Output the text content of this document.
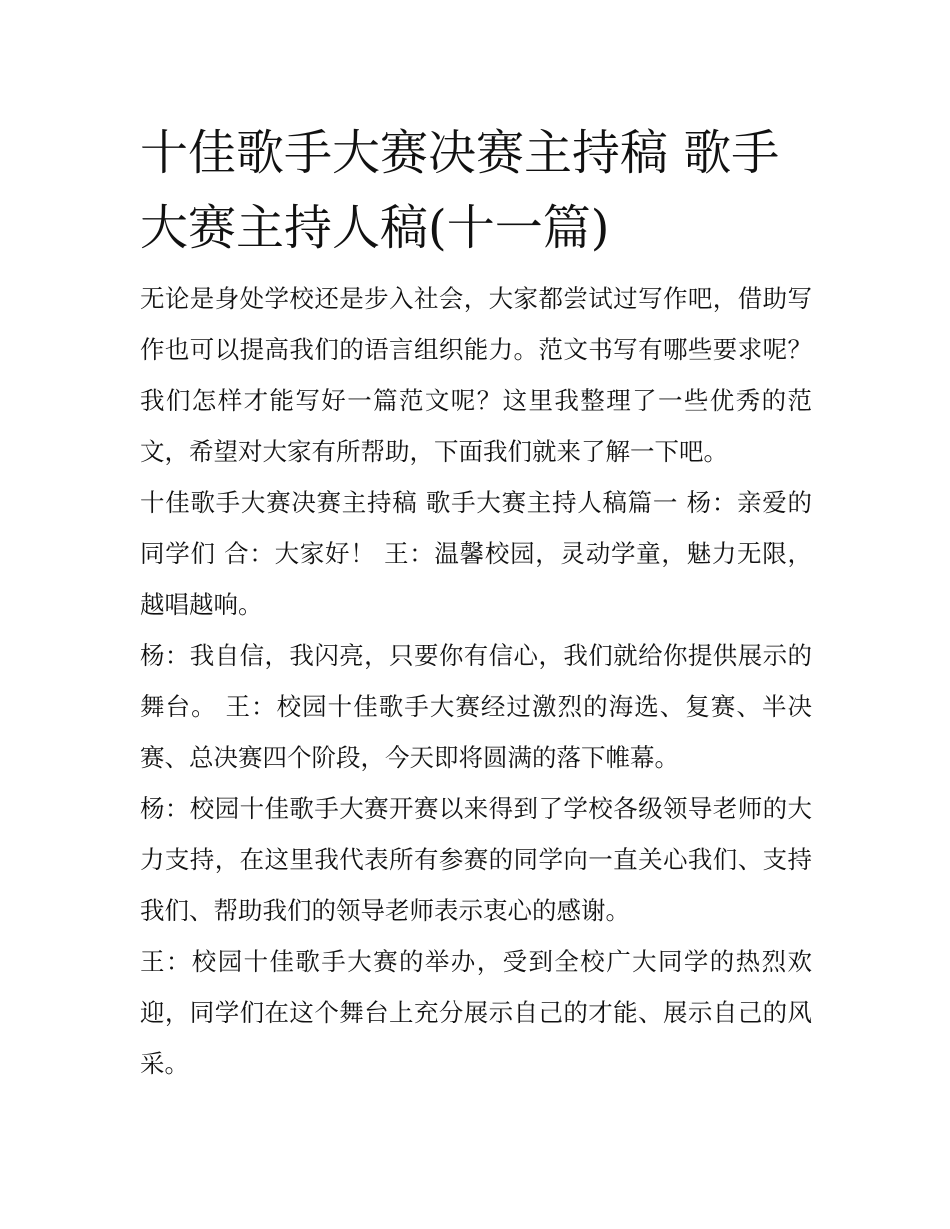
十佳歌手大赛决赛主持稿 歌手大赛主持人稿(十一篇)

无论是身处学校还是步入社会，大家都尝试过写作吧，借助写作也可以提高我们的语言组织能力。范文书写有哪些要求呢？我们怎样才能写好一篇范文呢？这里我整理了一些优秀的范文，希望对大家有所帮助，下面我们就来了解一下吧。

十佳歌手大赛决赛主持稿 歌手大赛主持人稿篇一 杨：亲爱的同学们 合：大家好！ 王：温馨校园，灵动学童，魅力无限，越唱越响。

杨：我自信，我闪亮，只要你有信心，我们就给你提供展示的舞台。 王：校园十佳歌手大赛经过激烈的海选、复赛、半决赛、总决赛四个阶段，今天即将圆满的落下帷幕。

杨：校园十佳歌手大赛开赛以来得到了学校各级领导老师的大力支持，在这里我代表所有参赛的同学向一直关心我们、支持我们、帮助我们的领导老师表示衷心的感谢。

王：校园十佳歌手大赛的举办，受到全校广大同学的热烈欢迎，同学们在这个舞台上充分展示自己的才能、展示自己的风采。
